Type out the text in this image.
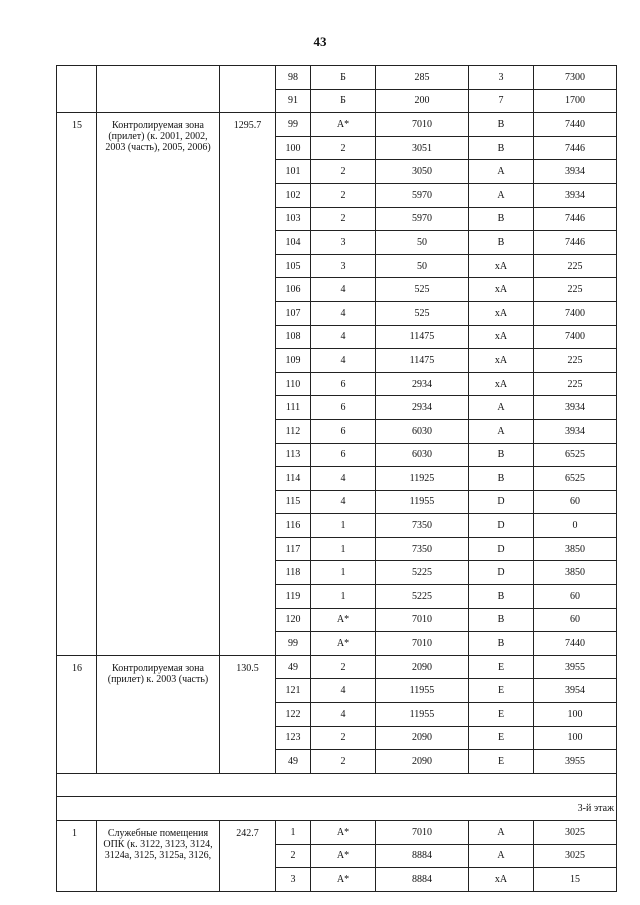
43
			98	Б	285	3	7300
			91	Б	200	7	1700
15	Контролируемая зона (прилет) (к. 2001, 2002, 2003 (часть), 2005, 2006)	1295.7	99	А*	7010	B	7440
			100	2	3051	B	7446
			101	2	3050	A	3934
			102	2	5970	A	3934
			103	2	5970	B	7446
			104	3	50	B	7446
			105	3	50	xA	225
			106	4	525	xA	225
			107	4	525	xA	7400
			108	4	11475	xA	7400
			109	4	11475	xA	225
			110	6	2934	xA	225
			111	6	2934	A	3934
			112	6	6030	A	3934
			113	6	6030	B	6525
			114	4	11925	B	6525
			115	4	11955	D	60
			116	1	7350	D	0
			117	1	7350	D	3850
			118	1	5225	D	3850
			119	1	5225	B	60
			120	А*	7010	B	60
			99	А*	7010	B	7440
16	Контролируемая зона (прилет) к. 2003 (часть)	130.5	49	2	2090	E	3955
			121	4	11955	E	3954
			122	4	11955	E	100
			123	2	2090	E	100
			49	2	2090	E	3955

3-й этаж							
1	Служебные помещения ОПК (к. 3122, 3123, 3124, 3124а, 3125, 3125а, 3126,	242.7	1	А*	7010	A	3025
			2	А*	8884	A	3025
			3	А*	8884	xA	15
